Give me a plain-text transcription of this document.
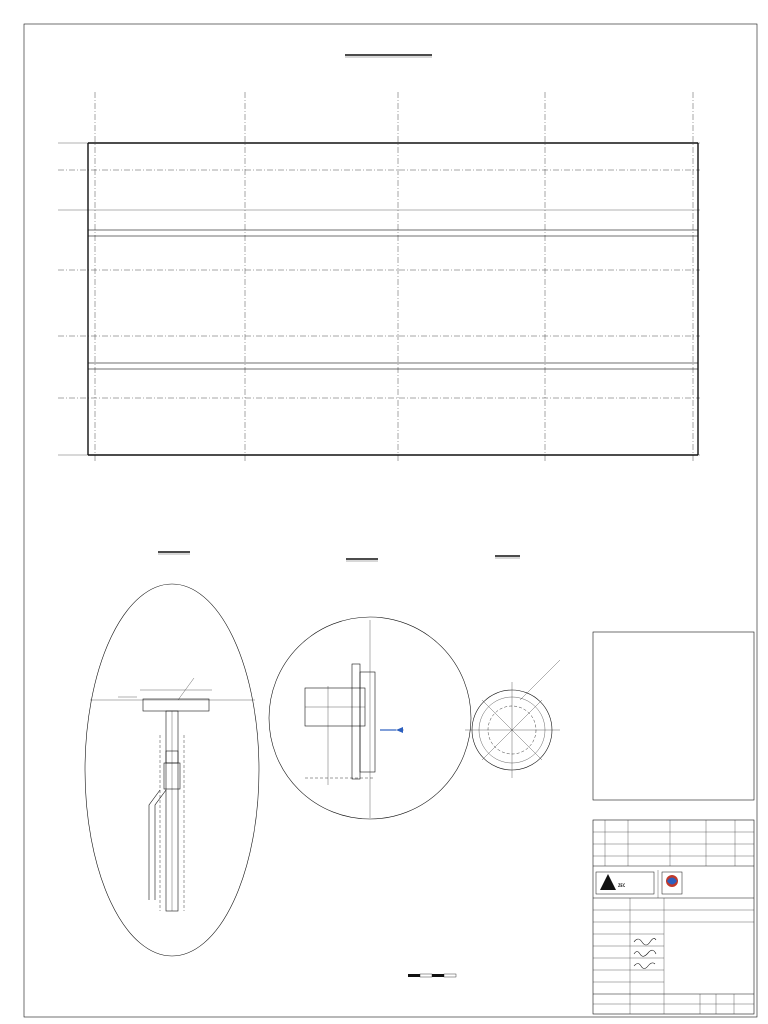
ZEC
